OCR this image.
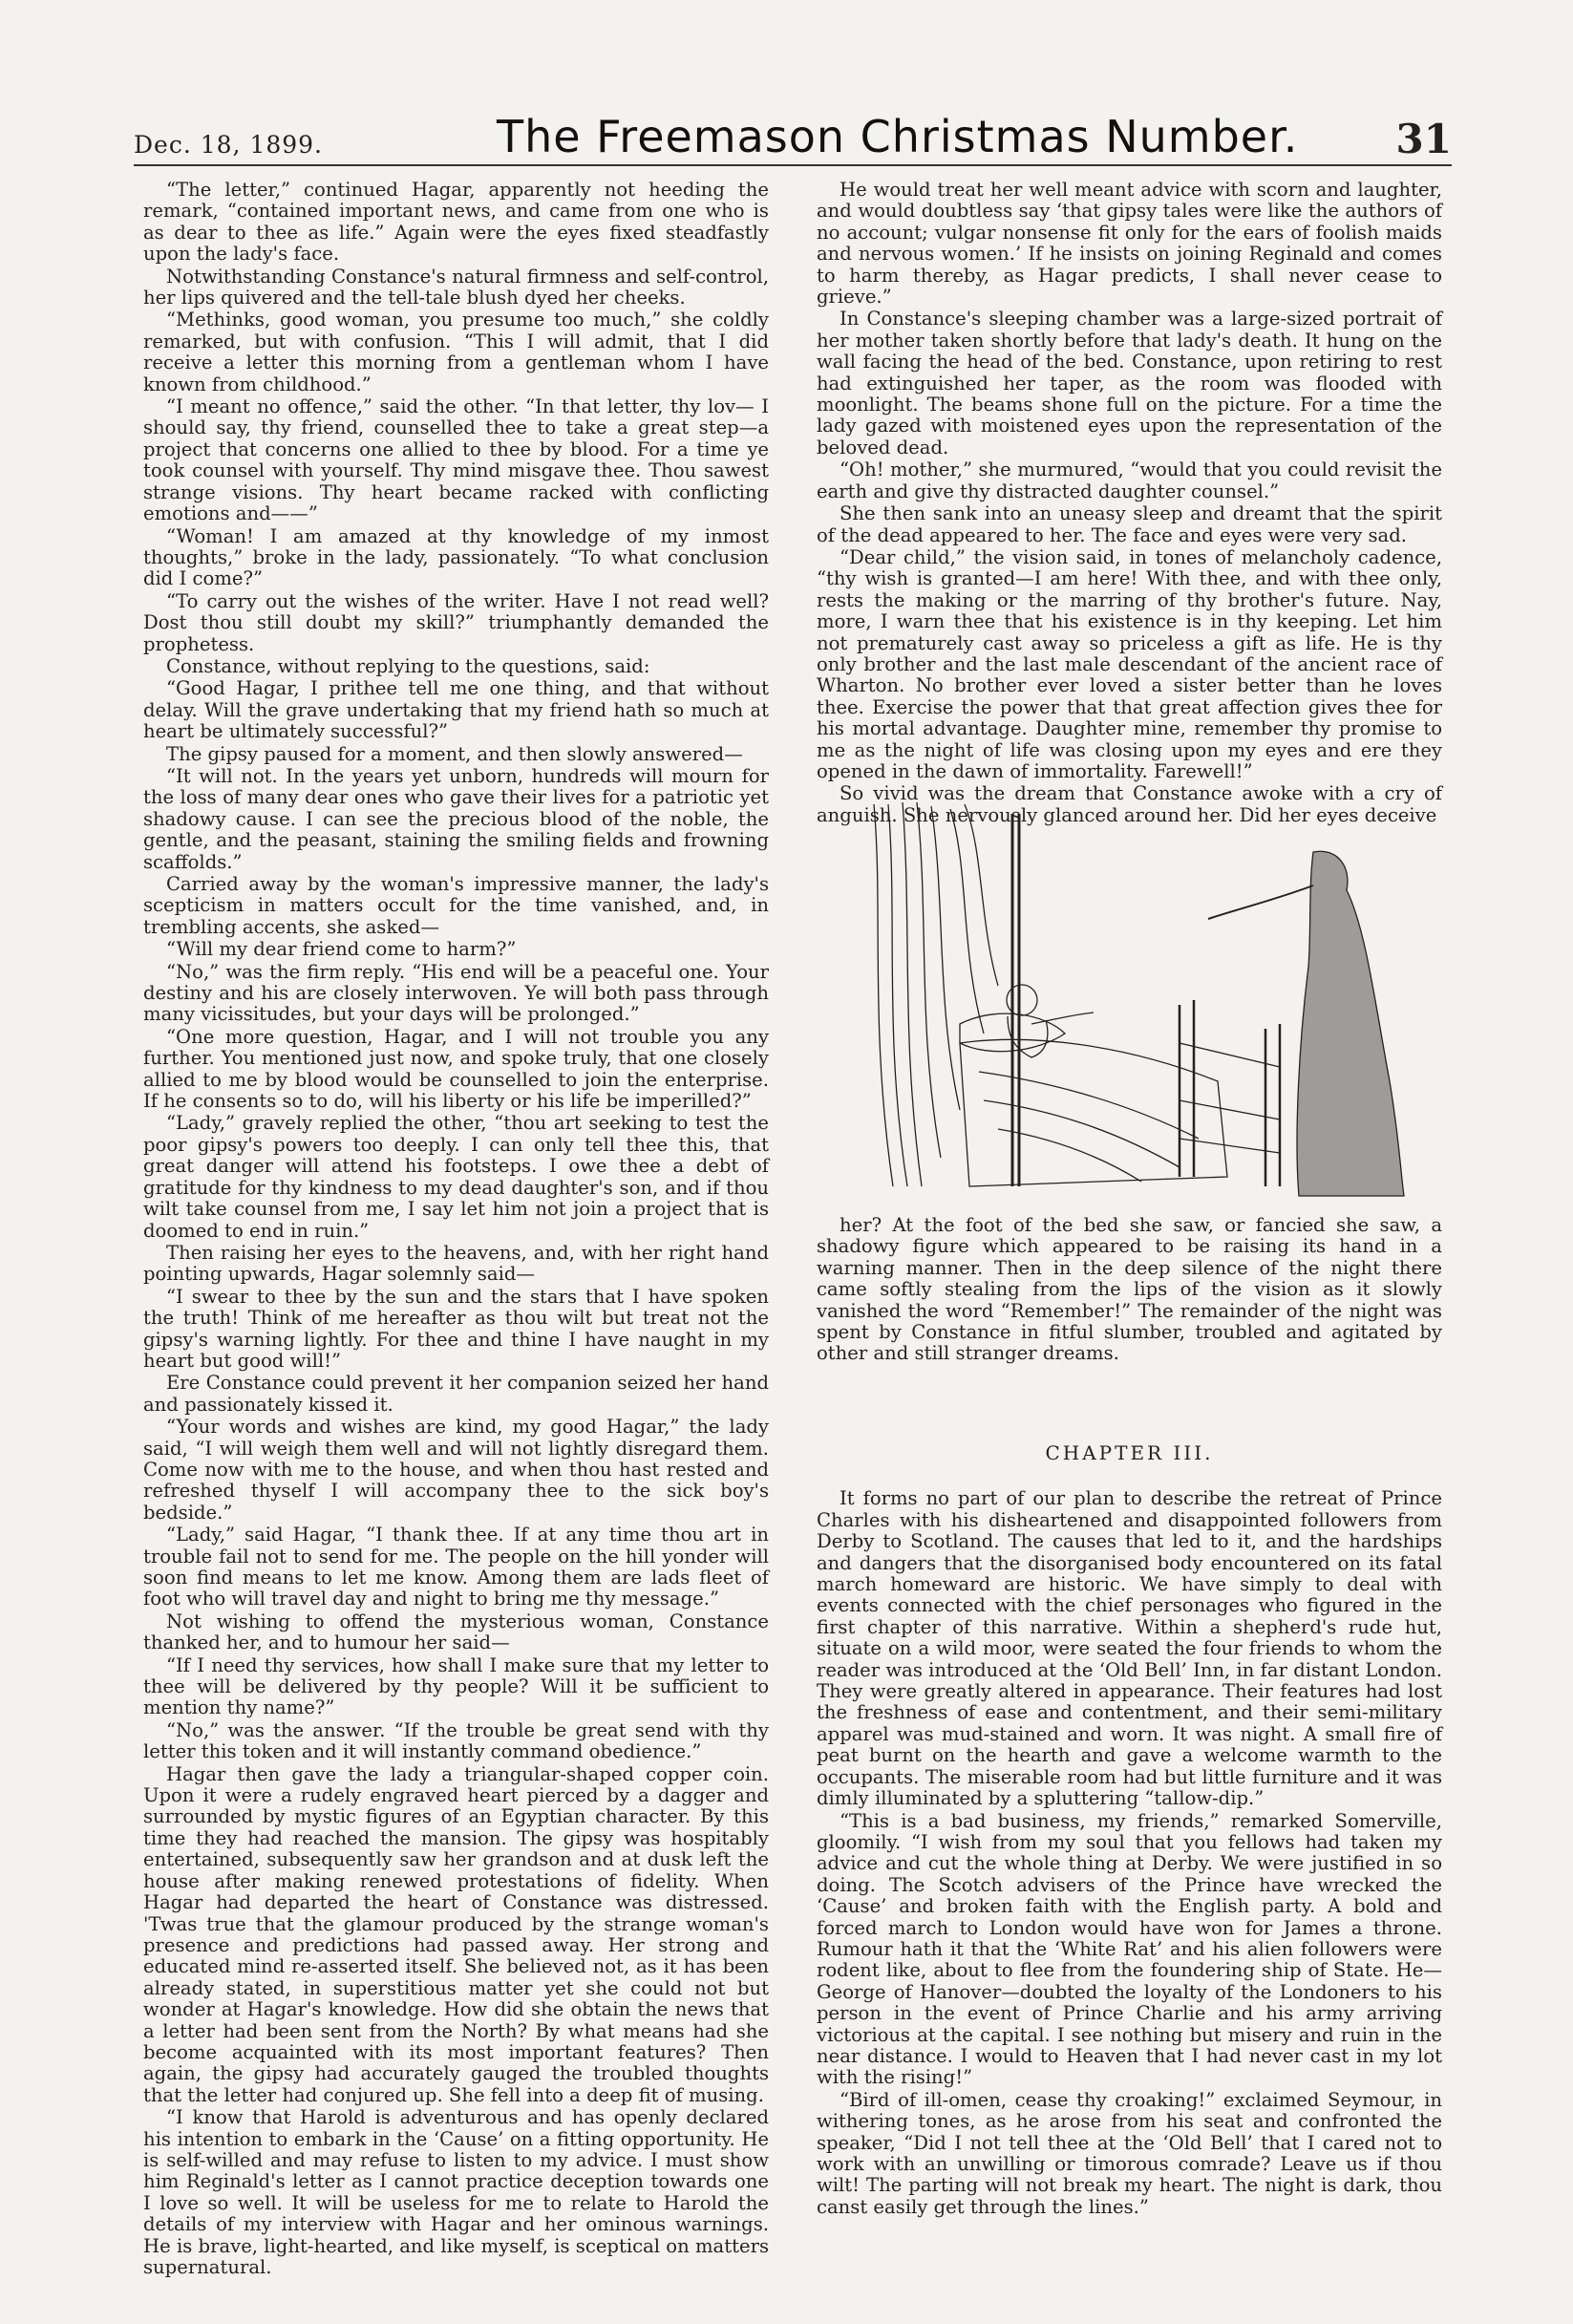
Dec. 18, 1899.	The Freemason Christmas Number. 31

“The letter,” continued Hagar, apparently not heeding the remark, “contained important news, and came from one who is as dear to thee as life.” Again were the eyes fixed steadfastly upon the lady's face.

Notwithstanding Constance's natural firmness and self-control, her lips quivered and the tell-tale blush dyed her cheeks.

“Methinks, good woman, you presume too much,” she coldly remarked, but with confusion. “This I will admit, that I did receive a letter this morning from a gentleman whom I have known from childhood.”

“I meant no offence,” said the other. “In that letter, thy lov— I should say, thy friend, counselled thee to take a great step—a project that concerns one allied to thee by blood. For a time ye took counsel with yourself. Thy mind misgave thee. Thou sawest strange visions. Thy heart became racked with conflicting emotions and——”

“Woman! I am amazed at thy knowledge of my inmost thoughts,” broke in the lady, passionately. “To what conclusion did I come?”

“To carry out the wishes of the writer. Have I not read well? Dost thou still doubt my skill?” triumphantly demanded the prophetess.

Constance, without replying to the questions, said:

“Good Hagar, I prithee tell me one thing, and that without delay. Will the grave undertaking that my friend hath so much at heart be ultimately successful?”

The gipsy paused for a moment, and then slowly answered—

“It will not. In the years yet unborn, hundreds will mourn for the loss of many dear ones who gave their lives for a patriotic yet shadowy cause. I can see the precious blood of the noble, the gentle, and the peasant, staining the smiling fields and frowning scaffolds.”

Carried away by the woman's impressive manner, the lady's scepticism in matters occult for the time vanished, and, in trembling accents, she asked—

“Will my dear friend come to harm?”

“No,” was the firm reply. “His end will be a peaceful one. Your destiny and his are closely interwoven. Ye will both pass through many vicissitudes, but your days will be prolonged.”

“One more question, Hagar, and I will not trouble you any further. You mentioned just now, and spoke truly, that one closely allied to me by blood would be counselled to join the enterprise. If he consents so to do, will his liberty or his life be imperilled?”

“Lady,” gravely replied the other, “thou art seeking to test the poor gipsy's powers too deeply. I can only tell thee this, that great danger will attend his footsteps. I owe thee a debt of gratitude for thy kindness to my dead daughter's son, and if thou wilt take counsel from me, I say let him not join a project that is doomed to end in ruin.”

Then raising her eyes to the heavens, and, with her right hand pointing upwards, Hagar solemnly said—

“I swear to thee by the sun and the stars that I have spoken the truth! Think of me hereafter as thou wilt but treat not the gipsy's warning lightly. For thee and thine I have naught in my heart but good will!”

Ere Constance could prevent it her companion seized her hand and passionately kissed it.

“Your words and wishes are kind, my good Hagar,” the lady said, “I will weigh them well and will not lightly disregard them. Come now with me to the house, and when thou hast rested and refreshed thyself I will accompany thee to the sick boy's bedside.”

“Lady,” said Hagar, “I thank thee. If at any time thou art in trouble fail not to send for me. The people on the hill yonder will soon find means to let me know. Among them are lads fleet of foot who will travel day and night to bring me thy message.”

Not wishing to offend the mysterious woman, Constance thanked her, and to humour her said—

“If I need thy services, how shall I make sure that my letter to thee will be delivered by thy people? Will it be sufficient to mention thy name?”

“No,” was the answer. “If the trouble be great send with thy letter this token and it will instantly command obedience.”

Hagar then gave the lady a triangular-shaped copper coin. Upon it were a rudely engraved heart pierced by a dagger and surrounded by mystic figures of an Egyptian character. By this time they had reached the mansion. The gipsy was hospitably entertained, subsequently saw her grandson and at dusk left the house after making renewed protestations of fidelity. When Hagar had departed the heart of Constance was distressed. 'Twas true that the glamour produced by the strange woman's presence and predictions had passed away. Her strong and educated mind re-asserted itself. She believed not, as it has been already stated, in superstitious matter yet she could not but wonder at Hagar's knowledge. How did she obtain the news that a letter had been sent from the North? By what means had she become acquainted with its most important features? Then again, the gipsy had accurately gauged the troubled thoughts that the letter had conjured up. She fell into a deep fit of musing.

“I know that Harold is adventurous and has openly declared his intention to embark in the ‘Cause’ on a fitting opportunity. He is self-willed and may refuse to listen to my advice. I must show him Reginald's letter as I cannot practice deception towards one I love so well. It will be useless for me to relate to Harold the details of my interview with Hagar and her ominous warnings. He is brave, light-hearted, and like myself, is sceptical on matters supernatural.

He would treat her well meant advice with scorn and laughter, and would doubtless say ‘that gipsy tales were like the authors of no account; vulgar nonsense fit only for the ears of foolish maids and nervous women.’ If he insists on joining Reginald and comes to harm thereby, as Hagar predicts, I shall never cease to grieve.”

In Constance's sleeping chamber was a large-sized portrait of her mother taken shortly before that lady's death. It hung on the wall facing the head of the bed. Constance, upon retiring to rest had extinguished her taper, as the room was flooded with moonlight. The beams shone full on the picture. For a time the lady gazed with moistened eyes upon the representation of the beloved dead.

“Oh! mother,” she murmured, “would that you could revisit the earth and give thy distracted daughter counsel.”

She then sank into an uneasy sleep and dreamt that the spirit of the dead appeared to her. The face and eyes were very sad.

“Dear child,” the vision said, in tones of melancholy cadence, “thy wish is granted—I am here! With thee, and with thee only, rests the making or the marring of thy brother's future. Nay, more, I warn thee that his existence is in thy keeping. Let him not prematurely cast away so priceless a gift as life. He is thy only brother and the last male descendant of the ancient race of Wharton. No brother ever loved a sister better than he loves thee. Exercise the power that that great affection gives thee for his mortal advantage. Daughter mine, remember thy promise to me as the night of life was closing upon my eyes and ere they opened in the dawn of immortality. Farewell!”

So vivid was the dream that Constance awoke with a cry of anguish. She nervously glanced around her. Did her eyes deceive

her? At the foot of the bed she saw, or fancied she saw, a shadowy figure which appeared to be raising its hand in a warning manner. Then in the deep silence of the night there came softly stealing from the lips of the vision as it slowly vanished the word “Remember!” The remainder of the night was spent by Constance in fitful slumber, troubled and agitated by other and still stranger dreams.

CHAPTER III.

It forms no part of our plan to describe the retreat of Prince Charles with his disheartened and disappointed followers from Derby to Scotland. The causes that led to it, and the hardships and dangers that the disorganised body encountered on its fatal march homeward are historic. We have simply to deal with events connected with the chief personages who figured in the first chapter of this narrative. Within a shepherd's rude hut, situate on a wild moor, were seated the four friends to whom the reader was introduced at the ‘Old Bell’ Inn, in far distant London. They were greatly altered in appearance. Their features had lost the freshness of ease and contentment, and their semi-military apparel was mud-stained and worn. It was night. A small fire of peat burnt on the hearth and gave a welcome warmth to the occupants. The miserable room had but little furniture and it was dimly illuminated by a spluttering “tallow-dip.”

“This is a bad business, my friends,” remarked Somerville, gloomily. “I wish from my soul that you fellows had taken my advice and cut the whole thing at Derby. We were justified in so doing. The Scotch advisers of the Prince have wrecked the ‘Cause’ and broken faith with the English party. A bold and forced march to London would have won for James a throne. Rumour hath it that the ‘White Rat’ and his alien followers were rodent like, about to flee from the foundering ship of State. He—George of Hanover—doubted the loyalty of the Londoners to his person in the event of Prince Charlie and his army arriving victorious at the capital. I see nothing but misery and ruin in the near distance. I would to Heaven that I had never cast in my lot with the rising!”

“Bird of ill-omen, cease thy croaking!” exclaimed Seymour, in withering tones, as he arose from his seat and confronted the speaker, “Did I not tell thee at the ‘Old Bell’ that I cared not to work with an unwilling or timorous comrade? Leave us if thou wilt! The parting will not break my heart. The night is dark, thou canst easily get through the lines.”
